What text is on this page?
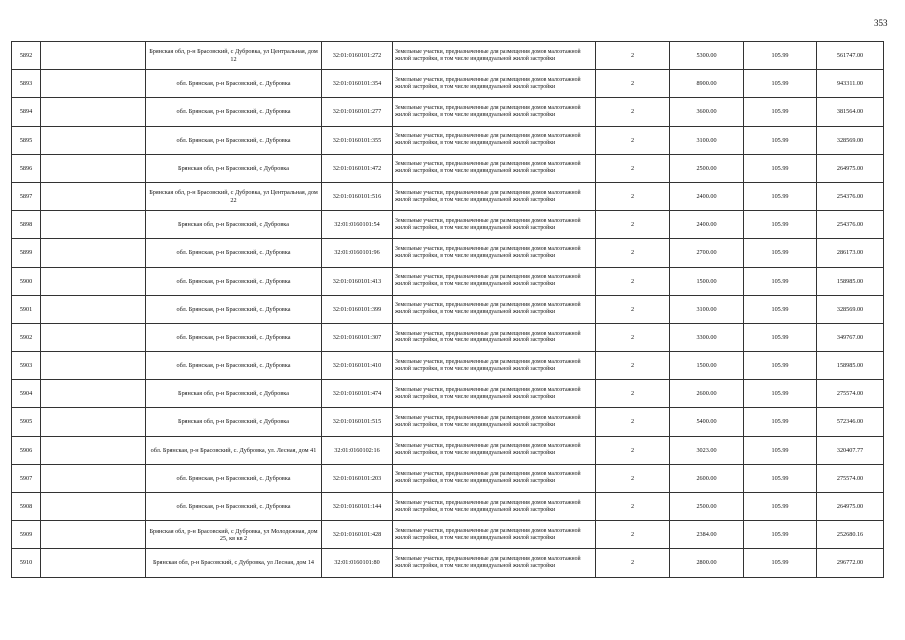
353
5892		Брянская обл, р-н Брасовский, с Дубровка, ул Центральная, дом 12	32:01:0160101:272	Земельные участки, предназначенные для размещения домов малоэтажной жилой застройки, в том числе индивидуальной жилой застройки	2	5300.00	105.99	561747.00
5893		обл. Брянская, р-н Брасовский, с. Дубровка	32:01:0160101:354	Земельные участки, предназначенные для размещения домов малоэтажной жилой застройки, в том числе индивидуальной жилой застройки	2	8900.00	105.99	943311.00
5894		обл. Брянская, р-н Брасовский, с. Дубровка	32:01:0160101:277	Земельные участки, предназначенные для размещения домов малоэтажной жилой застройки, в том числе индивидуальной жилой застройки	2	3600.00	105.99	381564.00
5895		обл. Брянская, р-н Брасовский, с. Дубровка	32:01:0160101:355	Земельные участки, предназначенные для размещения домов малоэтажной жилой застройки, в том числе индивидуальной жилой застройки	2	3100.00	105.99	328569.00
5896		Брянская обл, р-н Брасовский, с Дубровка	32:01:0160101:472	Земельные участки, предназначенные для размещения домов малоэтажной жилой застройки, в том числе индивидуальной жилой застройки	2	2500.00	105.99	264975.00
5897		Брянская обл, р-н Брасовский, с Дубровка, ул Центральная, дом 22	32:01:0160101:516	Земельные участки, предназначенные для размещения домов малоэтажной жилой застройки, в том числе индивидуальной жилой застройки	2	2400.00	105.99	254376.00
5898		Брянская обл, р-н Брасовский, с Дубровка	32:01:0160101:54	Земельные участки, предназначенные для размещения домов малоэтажной жилой застройки, в том числе индивидуальной жилой застройки	2	2400.00	105.99	254376.00
5899		обл. Брянская, р-н Брасовский, с. Дубровка	32:01:0160101:96	Земельные участки, предназначенные для размещения домов малоэтажной жилой застройки, в том числе индивидуальной жилой застройки	2	2700.00	105.99	286173.00
5900		обл. Брянская, р-н Брасовский, с. Дубровка	32:01:0160101:413	Земельные участки, предназначенные для размещения домов малоэтажной жилой застройки, в том числе индивидуальной жилой застройки	2	1500.00	105.99	158985.00
5901		обл. Брянская, р-н Брасовский, с. Дубровка	32:01:0160101:399	Земельные участки, предназначенные для размещения домов малоэтажной жилой застройки, в том числе индивидуальной жилой застройки	2	3100.00	105.99	328569.00
5902		обл. Брянская, р-н Брасовский, с. Дубровка	32:01:0160101:307	Земельные участки, предназначенные для размещения домов малоэтажной жилой застройки, в том числе индивидуальной жилой застройки	2	3300.00	105.99	349767.00
5903		обл. Брянская, р-н Брасовский, с. Дубровка	32:01:0160101:410	Земельные участки, предназначенные для размещения домов малоэтажной жилой застройки, в том числе индивидуальной жилой застройки	2	1500.00	105.99	158985.00
5904		Брянская обл, р-н Брасовский, с Дубровка	32:01:0160101:474	Земельные участки, предназначенные для размещения домов малоэтажной жилой застройки, в том числе индивидуальной жилой застройки	2	2600.00	105.99	275574.00
5905		Брянская обл, р-н Брасовский, с Дубровка	32:01:0160101:515	Земельные участки, предназначенные для размещения домов малоэтажной жилой застройки, в том числе индивидуальной жилой застройки	2	5400.00	105.99	572346.00
5906		обл. Брянская, р-н Брасовский, с. Дубровка, ул. Лесная, дом 41	32:01:0160102:16	Земельные участки, предназначенные для размещения домов малоэтажной жилой застройки, в том числе индивидуальной жилой застройки	2	3023.00	105.99	320407.77
5907		обл. Брянская, р-н Брасовский, с. Дубровка	32:01:0160101:203	Земельные участки, предназначенные для размещения домов малоэтажной жилой застройки, в том числе индивидуальной жилой застройки	2	2600.00	105.99	275574.00
5908		обл. Брянская, р-н Брасовский, с. Дубровка	32:01:0160101:144	Земельные участки, предназначенные для размещения домов малоэтажной жилой застройки, в том числе индивидуальной жилой застройки	2	2500.00	105.99	264975.00
5909		Брянская обл, р-н Брасовский, с Дубровка, ул Молодежная, дом 25, кв кв 2	32:01:0160101:428	Земельные участки, предназначенные для размещения домов малоэтажной жилой застройки, в том числе индивидуальной жилой застройки	2	2384.00	105.99	252680.16
5910		Брянская обл, р-н Брасовский, с Дубровка, ул Лесная, дом 14	32:01:0160101:80	Земельные участки, предназначенные для размещения домов малоэтажной жилой застройки, в том числе индивидуальной жилой застройки	2	2800.00	105.99	296772.00
